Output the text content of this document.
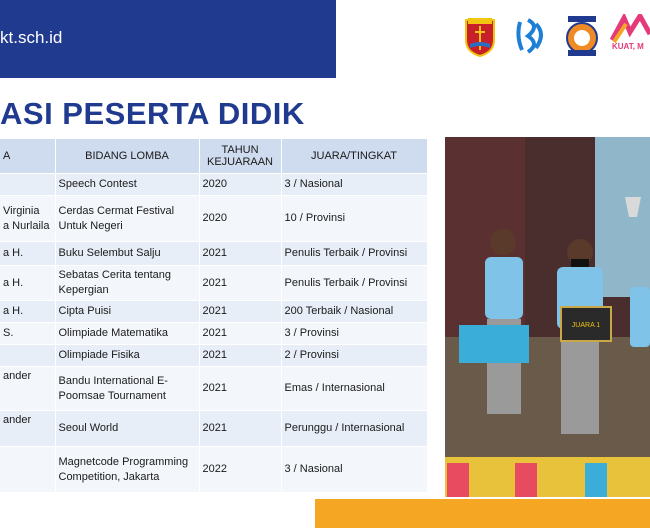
kt.sch.id	KUAT, M
ASI PESERTA DIDIK
A	BIDANG LOMBA	TAHUN KEJUARAAN	JUARA/TINGKAT
	Speech Contest	2020	3 / Nasional
Virginia
a Nurlaila	Cerdas Cermat Festival Untuk Negeri	2020	10 / Provinsi
a H.	Buku Selembut Salju	2021	Penulis Terbaik / Provinsi
a H.	Sebatas Cerita tentang Kepergian	2021	Penulis Terbaik / Provinsi
a H.	Cipta Puisi	2021	200 Terbaik / Nasional
S.	Olimpiade Matematika	2021	3 / Provinsi
	Olimpiade Fisika	2021	2 / Provinsi
ander	Bandu International E-Poomsae Tournament	2021	Emas / Internasional
ander	Seoul World	2021	Perunggu / Internasional
	Magnetcode Programming Competition, Jakarta	2022	3 / Nasional
JUARA 1
